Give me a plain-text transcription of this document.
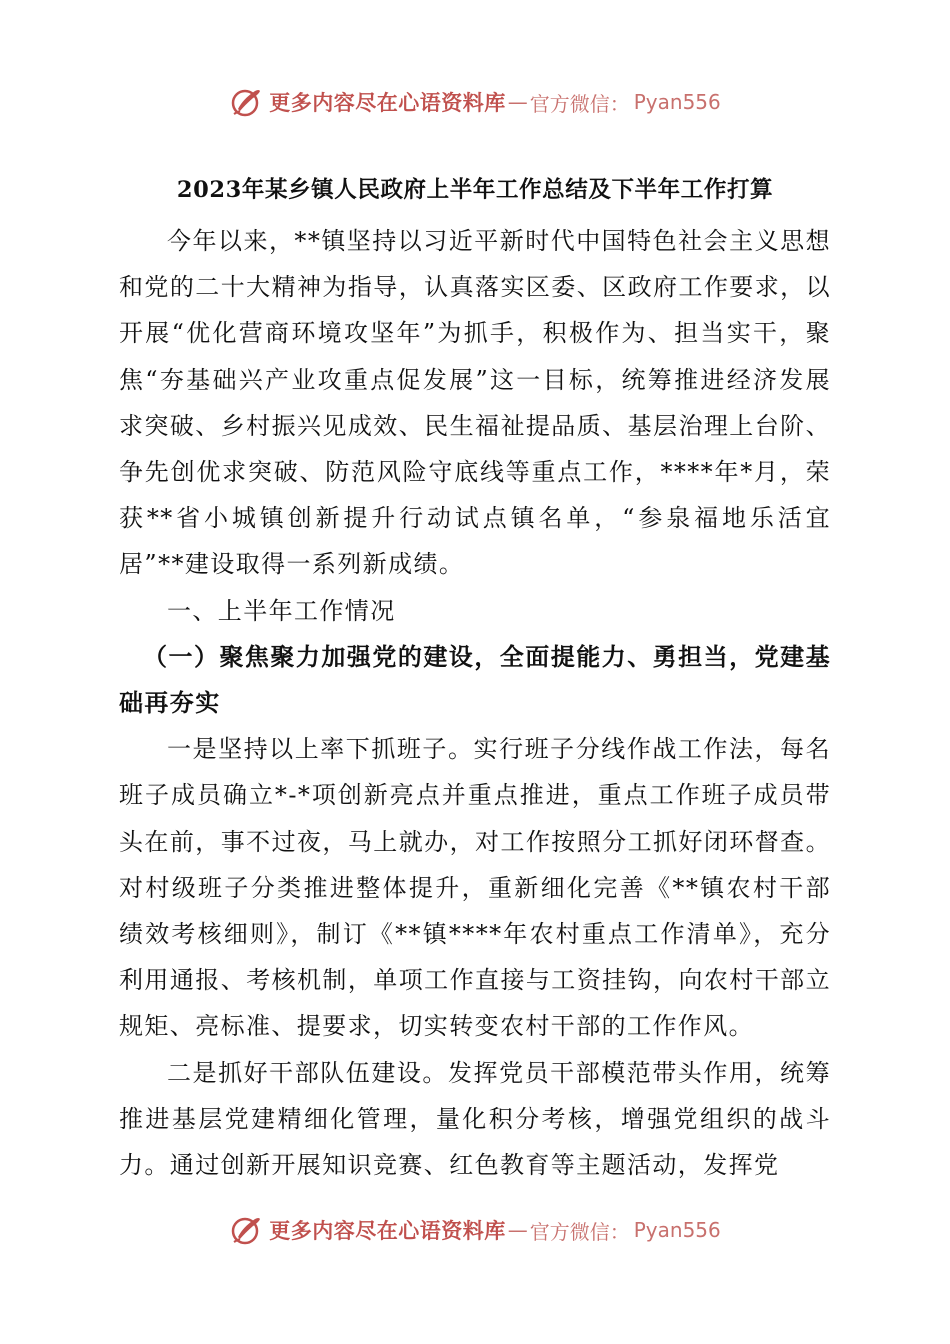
更多内容尽在心语资料库 — 官方微信： Pyan556
2023年某乡镇人民政府上半年工作总结及下半年工作打算

今年以来，**镇坚持以习近平新时代中国特色社会主义思想和党的二十大精神为指导，认真落实区委、区政府工作要求，以开展“优化营商环境攻坚年”为抓手，积极作为、担当实干，聚焦“夯基础兴产业攻重点促发展”这一目标，统筹推进经济发展求突破、乡村振兴见成效、民生福祉提品质、基层治理上台阶、争先创优求突破、防范风险守底线等重点工作，****年*月，荣获**省小城镇创新提升行动试点镇名单，“参泉福地乐活宜居”**建设取得一系列新成绩。

一、上半年工作情况

（一）聚焦聚力加强党的建设，全面提能力、勇担当，党建基础再夯实

一是坚持以上率下抓班子。实行班子分线作战工作法，每名班子成员确立*-*项创新亮点并重点推进，重点工作班子成员带头在前，事不过夜，马上就办，对工作按照分工抓好闭环督查。对村级班子分类推进整体提升，重新细化完善《**镇农村干部绩效考核细则》，制订《**镇****年农村重点工作清单》，充分利用通报、考核机制，单项工作直接与工资挂钩，向农村干部立规矩、亮标准、提要求，切实转变农村干部的工作作风。

二是抓好干部队伍建设。发挥党员干部模范带头作用，统筹推进基层党建精细化管理，量化积分考核，增强党组织的战斗力。通过创新开展知识竞赛、红色教育等主题活动，发挥党

更多内容尽在心语资料库 — 官方微信： Pyan556
